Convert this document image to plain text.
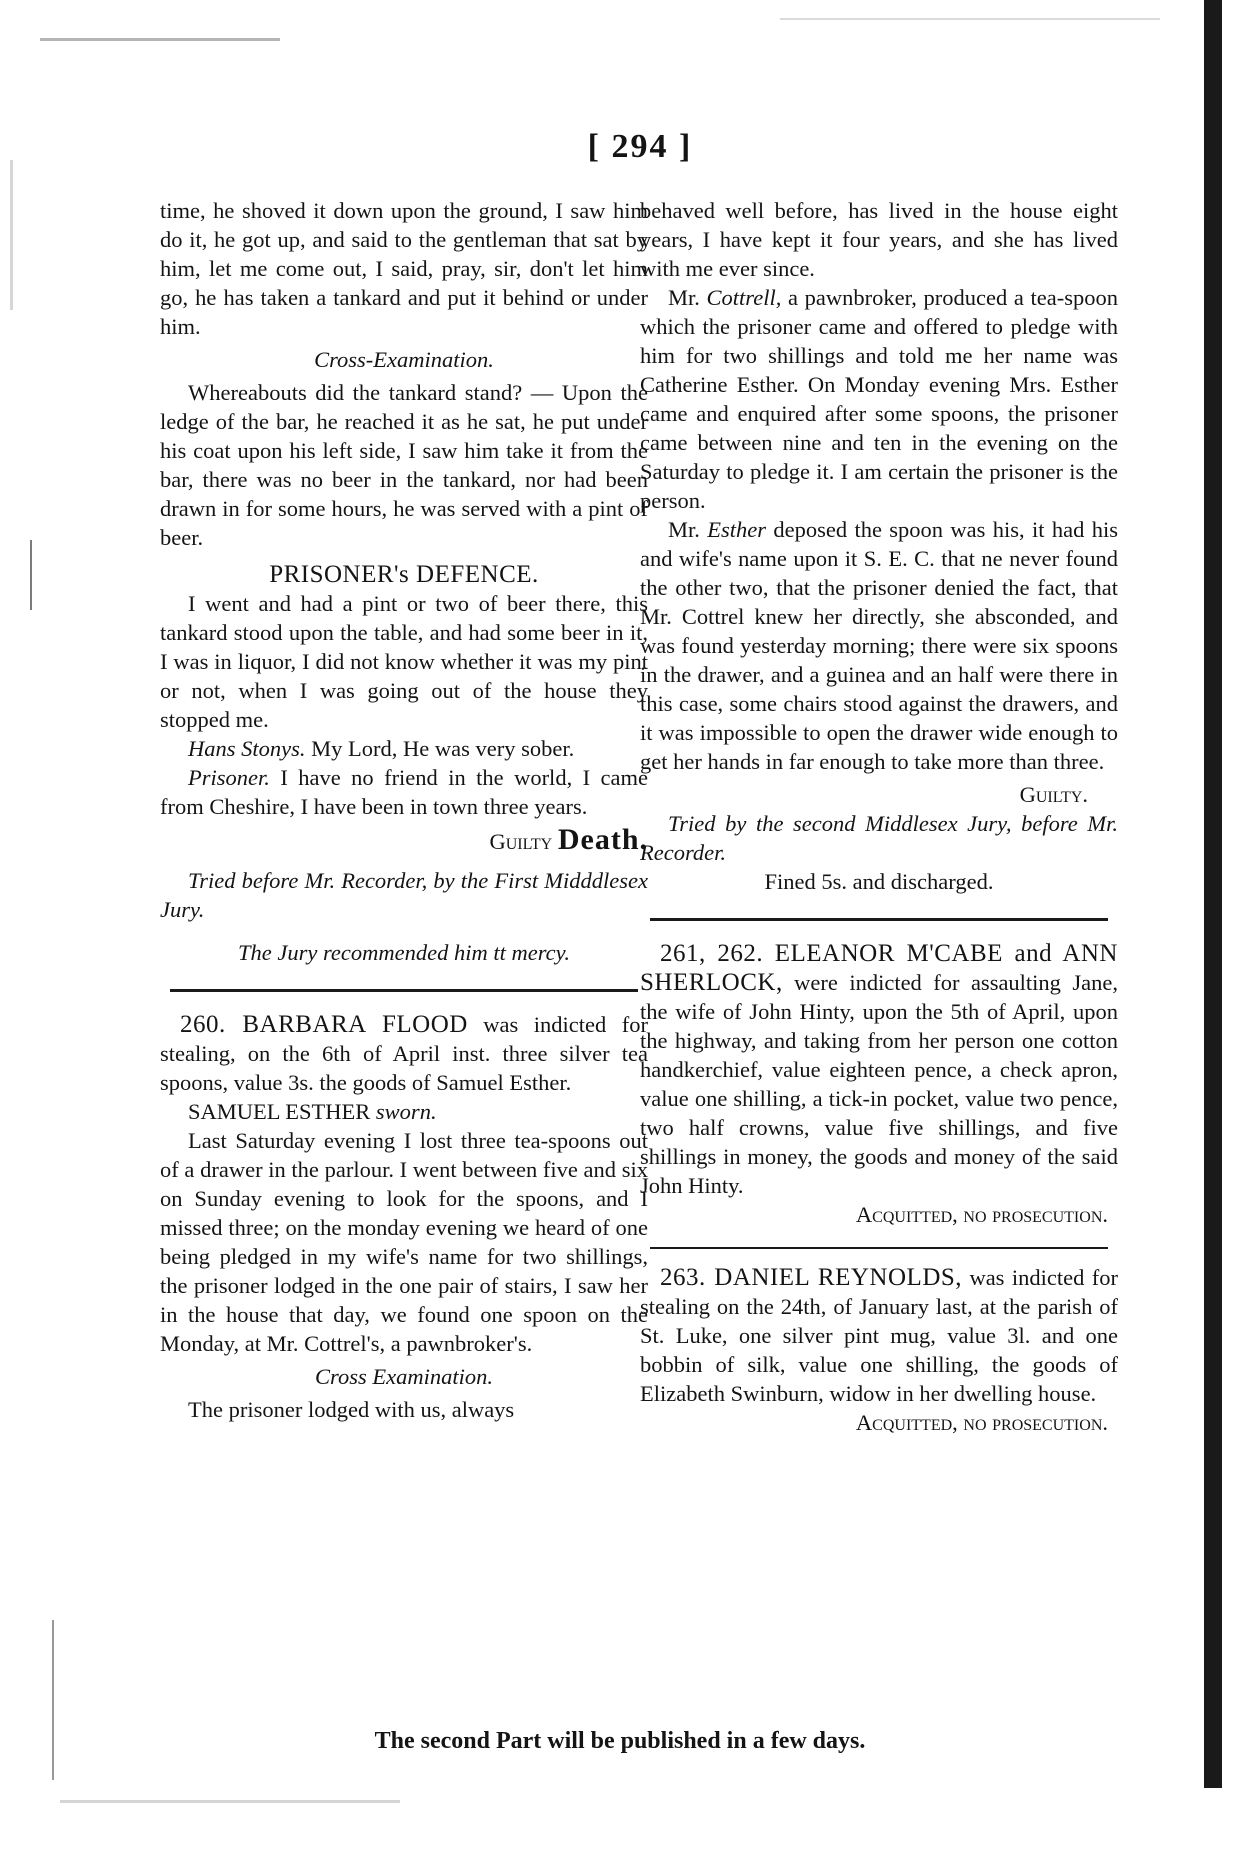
[ 294 ]

time, he shoved it down upon the ground, I saw him do it, he got up, and said to the gentleman that sat by him, let me come out, I said, pray, sir, don't let him go, he has taken a tankard and put it behind or under him.

Cross-Examination.

Whereabouts did the tankard stand? — Upon the ledge of the bar, he reached it as he sat, he put under his coat upon his left side, I saw him take it from the bar, there was no beer in the tankard, nor had been drawn in for some hours, he was served with a pint of beer.

PRISONER's DEFENCE.

I went and had a pint or two of beer there, this tankard stood upon the table, and had some beer in it, I was in liquor, I did not know whether it was my pint or not, when I was going out of the house they stopped me.

Hans Stonys. My Lord, He was very sober.

Prisoner. I have no friend in the world, I came from Cheshire, I have been in town three years.

Guilty Death.

Tried before Mr. Recorder, by the First Midddlesex Jury.

The Jury recommended him tt mercy.

260. BARBARA FLOOD was indicted for stealing, on the 6th of April inst. three silver tea spoons, value 3s. the goods of Samuel Esther.

SAMUEL ESTHER sworn.

Last Saturday evening I lost three tea-spoons out of a drawer in the parlour. I went between five and six on Sunday evening to look for the spoons, and I missed three; on the monday evening we heard of one being pledged in my wife's name for two shillings, the prisoner lodged in the one pair of stairs, I saw her in the house that day, we found one spoon on the Monday, at Mr. Cottrel's, a pawnbroker's.

Cross Examination.

The prisoner lodged with us, always

behaved well before, has lived in the house eight years, I have kept it four years, and she has lived with me ever since.

Mr. Cottrell, a pawnbroker, produced a tea-spoon which the prisoner came and offered to pledge with him for two shillings and told me her name was Catherine Esther. On Monday evening Mrs. Esther came and enquired after some spoons, the prisoner came between nine and ten in the evening on the Saturday to pledge it. I am certain the prisoner is the person.

Mr. Esther deposed the spoon was his, it had his and wife's name upon it S. E. C. that ne never found the other two, that the prisoner denied the fact, that Mr. Cottrel knew her directly, she absconded, and was found yesterday morning; there were six spoons in the drawer, and a guinea and an half were there in this case, some chairs stood against the drawers, and it was impossible to open the drawer wide enough to get her hands in far enough to take more than three.

Guilty.

Tried by the second Middlesex Jury, before Mr. Recorder.

Fined 5s. and discharged.

261, 262. ELEANOR M'CABE and ANN SHERLOCK, were indicted for assaulting Jane, the wife of John Hinty, upon the 5th of April, upon the highway, and taking from her person one cotton handkerchief, value eighteen pence, a check apron, value one shilling, a tick-in pocket, value two pence, two half crowns, value five shillings, and five shillings in money, the goods and money of the said John Hinty.

Acquitted, no prosecution.

263. DANIEL REYNOLDS, was indicted for stealing on the 24th, of January last, at the parish of St. Luke, one silver pint mug, value 3l. and one bobbin of silk, value one shilling, the goods of Elizabeth Swinburn, widow in her dwelling house.

Acquitted, no prosecution.

The second Part will be published in a few days.
